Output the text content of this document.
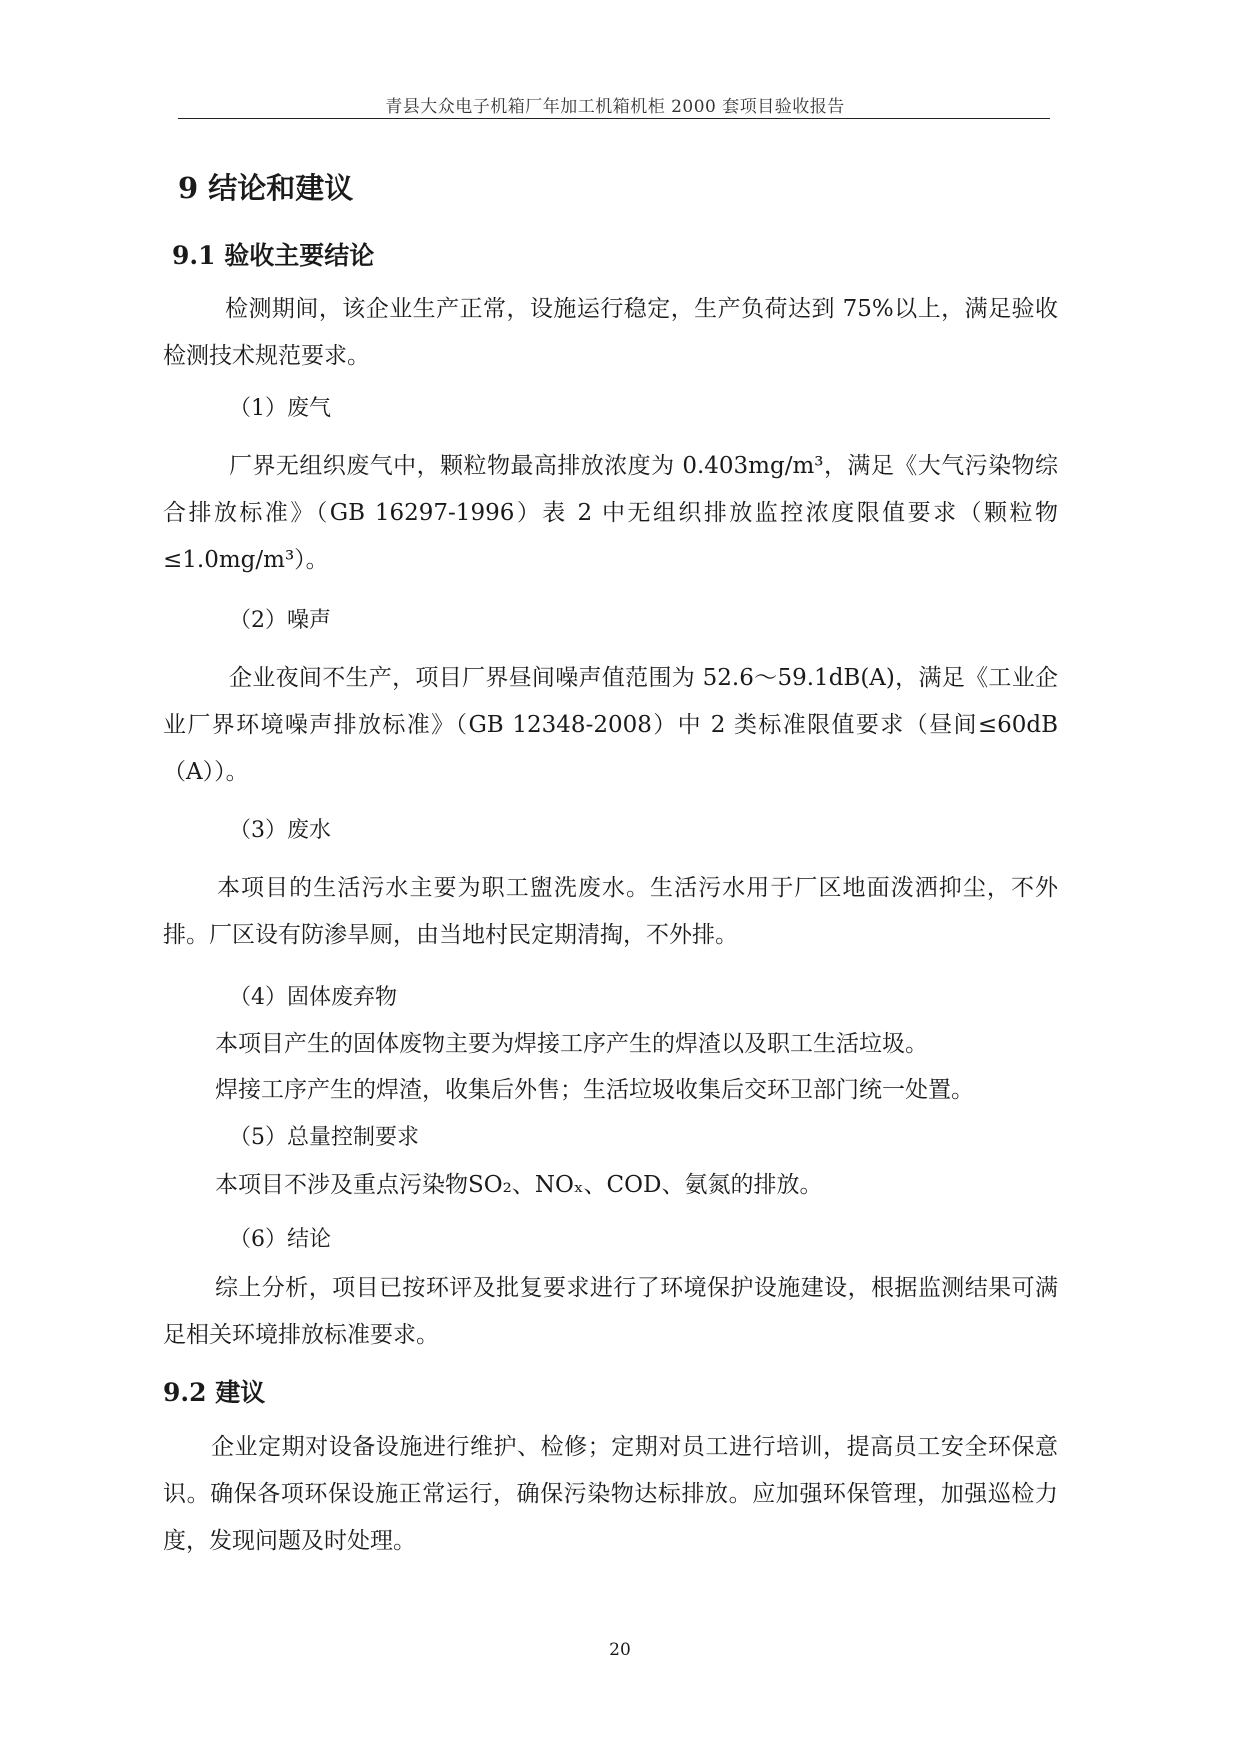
青县大众电子机箱厂年加工机箱机柜 2000 套项目验收报告
9 结论和建议
9.1 验收主要结论
检测期间，该企业生产正常，设施运行稳定，生产负荷达到 75%以上，满足验收检测技术规范要求。
（1）废气
厂界无组织废气中，颗粒物最高排放浓度为 0.403mg/m³，满足《大气污染物综合排放标准》（GB 16297-1996）表 2 中无组织排放监控浓度限值要求（颗粒物≤1.0mg/m³）。
（2）噪声
企业夜间不生产，项目厂界昼间噪声值范围为 52.6～59.1dB(A)，满足《工业企业厂界环境噪声排放标准》（GB 12348-2008）中 2 类标准限值要求（昼间≤60dB（A））。
（3）废水
本项目的生活污水主要为职工盥洗废水。生活污水用于厂区地面泼洒抑尘，不外排。厂区设有防渗旱厕，由当地村民定期清掏，不外排。
（4）固体废弃物
本项目产生的固体废物主要为焊接工序产生的焊渣以及职工生活垃圾。
焊接工序产生的焊渣，收集后外售；生活垃圾收集后交环卫部门统一处置。
（5）总量控制要求
本项目不涉及重点污染物SO₂、NOₓ、COD、氨氮的排放。
（6）结论
综上分析，项目已按环评及批复要求进行了环境保护设施建设，根据监测结果可满足相关环境排放标准要求。
9.2 建议
企业定期对设备设施进行维护、检修；定期对员工进行培训，提高员工安全环保意识。确保各项环保设施正常运行，确保污染物达标排放。应加强环保管理，加强巡检力度，发现问题及时处理。
20
